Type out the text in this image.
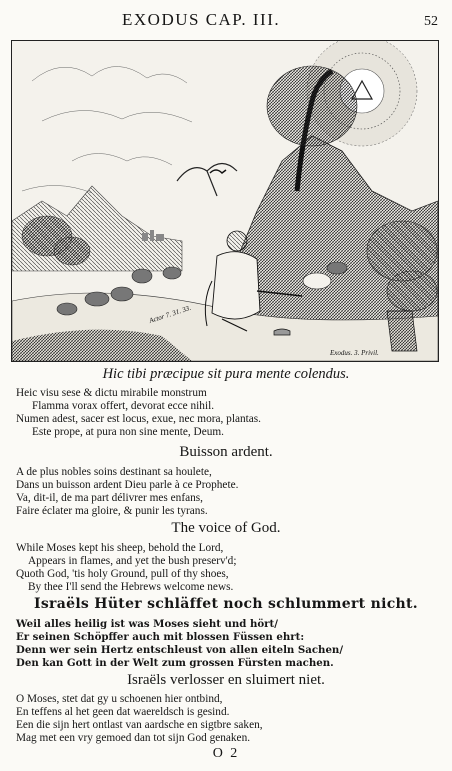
EXODUS CAP. III.	52
Actor 7. 31. 33.
Exodus. 3. Privil.
Hic tibi præcipue sit pura mente colendus.
Heic visu sese & dictu mirabile monstrum
Flamma vorax offert, devorat ecce nihil.
Numen adest, sacer est locus, exue, nec mora, plantas.
Este prope, at pura non sine mente, Deum.
Buisson ardent.
A de plus nobles soins destinant sa houlete,
Dans un buisson ardent Dieu parle à ce Prophete.
Va, dit-il, de ma part délivrer mes enfans,
Faire éclater ma gloire, & punir les tyrans.
The voice of God.
While Moses kept his sheep, behold the Lord,
Appears in flames, and yet the bush preserv'd;
Quoth God, 'tis holy Ground, pull of thy shoes,
By thee I'll send the Hebrews welcome news.
Israëls Hüter schläffet noch schlummert nicht.
Weil alles heilig ist was Moses sieht und hört/
Er seinen Schöpffer auch mit blossen Füssen ehrt:
Denn wer sein Hertz entschleust von allen eiteln Sachen/
Den kan Gott in der Welt zum grossen Fürsten machen.
Israëls verlosser en sluimert niet.
O Moses, stet dat gy u schoenen hier ontbind,
En teffens al het geen dat waereldsch is gesind.
Een die sijn hert ontlast van aardsche en sigtbre saken,
Mag met een vry gemoed dan tot sijn God genaken.
O 2
